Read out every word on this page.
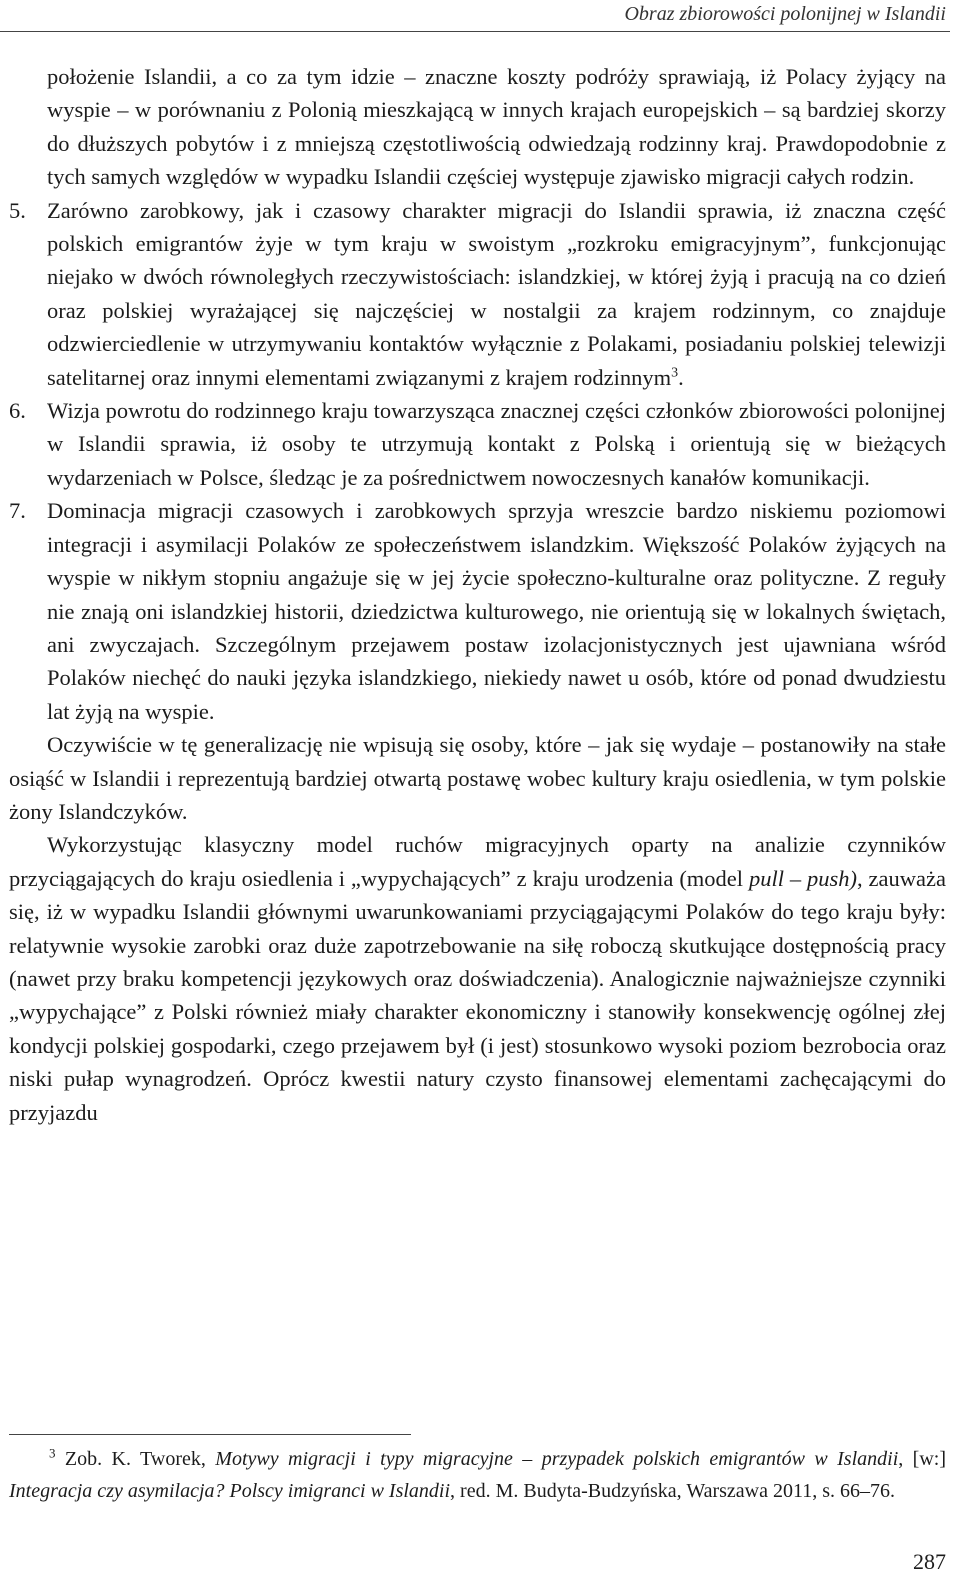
Obraz zbiorowości polonijnej w Islandii

położenie Islandii, a co za tym idzie – znaczne koszty podróży sprawiają, iż Polacy żyjący na wyspie – w porównaniu z Polonią mieszkającą w innych krajach europejskich – są bardziej skorzy do dłuższych pobytów i z mniejszą częstotliwością odwiedzają rodzinny kraj. Prawdopodobnie z tych samych względów w wypadku Islandii częściej występuje zjawisko migracji całych rodzin.

5. Zarówno zarobkowy, jak i czasowy charakter migracji do Islandii sprawia, iż znaczna część polskich emigrantów żyje w tym kraju w swoistym „rozkroku emigracyjnym”, funkcjonując niejako w dwóch równoległych rzeczywistościach: islandzkiej, w której żyją i pracują na co dzień oraz polskiej wyrażającej się najczęściej w nostalgii za krajem rodzinnym, co znajduje odzwierciedlenie w utrzymywaniu kontaktów wyłącznie z Polakami, posiadaniu polskiej telewizji satelitarnej oraz innymi elementami związanymi z krajem rodzinnym$^3$.

6. Wizja powrotu do rodzinnego kraju towarzysząca znacznej części członków zbiorowości polonijnej w Islandii sprawia, iż osoby te utrzymują kontakt z Polską i orientują się w bieżących wydarzeniach w Polsce, śledząc je za pośrednictwem nowoczesnych kanałów komunikacji.

7. Dominacja migracji czasowych i zarobkowych sprzyja wreszcie bardzo niskiemu poziomowi integracji i asymilacji Polaków ze społeczeństwem islandzkim. Większość Polaków żyjących na wyspie w nikłym stopniu angażuje się w jej życie społeczno-kulturalne oraz polityczne. Z reguły nie znają oni islandzkiej historii, dziedzictwa kulturowego, nie orientują się w lokalnych świętach, ani zwyczajach. Szczególnym przejawem postaw izolacjonistycznych jest ujawniana wśród Polaków niechęć do nauki języka islandzkiego, niekiedy nawet u osób, które od ponad dwudziestu lat żyją na wyspie.

Oczywiście w tę generalizację nie wpisują się osoby, które – jak się wydaje – postanowiły na stałe osiąść w Islandii i reprezentują bardziej otwartą postawę wobec kultury kraju osiedlenia, w tym polskie żony Islandczyków.

Wykorzystując klasyczny model ruchów migracyjnych oparty na analizie czynników przyciągających do kraju osiedlenia i „wypychających” z kraju urodzenia (model pull – push), zauważa się, iż w wypadku Islandii głównymi uwarunkowaniami przyciągającymi Polaków do tego kraju były: relatywnie wysokie zarobki oraz duże zapotrzebowanie na siłę roboczą skutkujące dostępnością pracy (nawet przy braku kompetencji językowych oraz doświadczenia). Analogicznie najważniejsze czynniki „wypychające” z Polski również miały charakter ekonomiczny i stanowiły konsekwencję ogólnej złej kondycji polskiej gospodarki, czego przejawem był (i jest) stosunkowo wysoki poziom bezrobocia oraz niski pułap wynagrodzeń. Oprócz kwestii natury czysto finansowej elementami zachęcającymi do przyjazdu

$^3$ Zob. K. Tworek, Motywy migracji i typy migracyjne – przypadek polskich emigrantów w Islandii, [w:] Integracja czy asymilacja? Polscy imigranci w Islandii, red. M. Budyta-Budzyńska, Warszawa 2011, s. 66–76.
287
